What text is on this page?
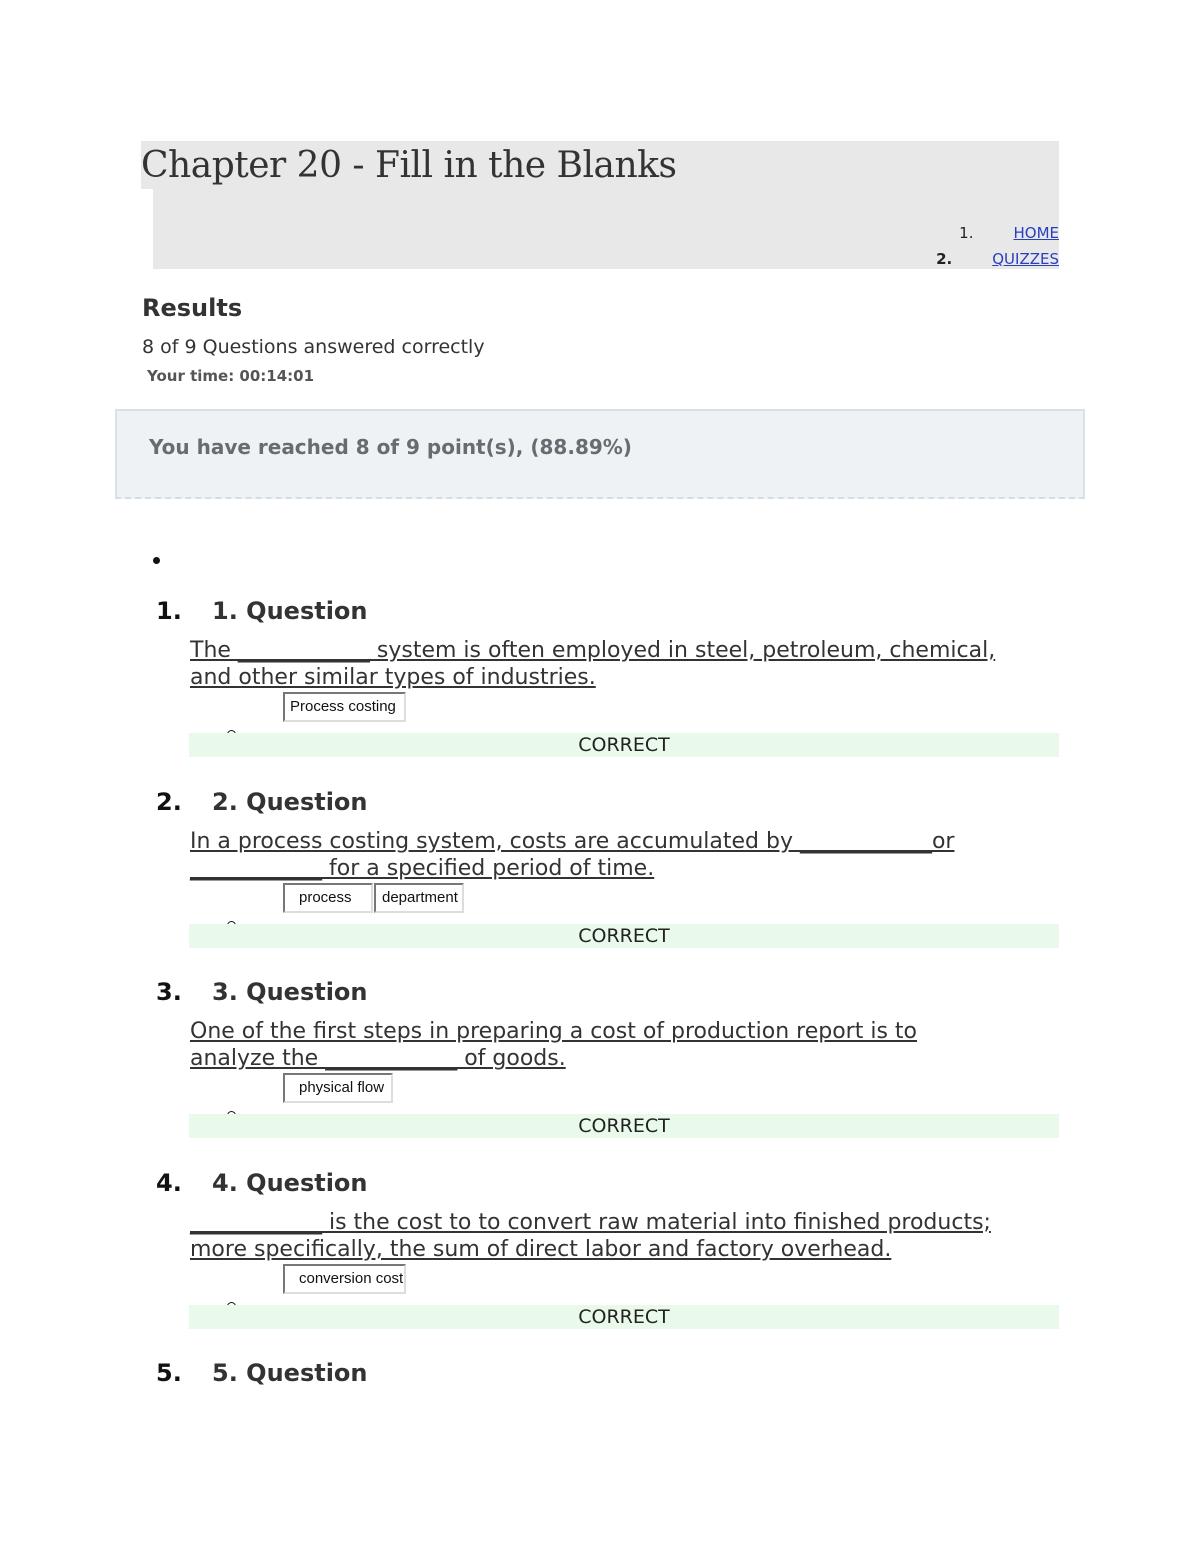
Chapter 20 - Fill in the Blanks
1.	HOME
2.	QUIZZES
Results
8 of 9 Questions answered correctly
Your time: 00:14:01
You have reached 8 of 9 point(s), (88.89%)
1. 1. Question
The ____________ system is often employed in steel, petroleum, chemical,
and other similar types of industries.
Process costing
CORRECT
2. 2. Question
In a process costing system, costs are accumulated by ____________or
____________ for a specified period of time.
process	department
CORRECT
3. 3. Question
One of the first steps in preparing a cost of production report is to
analyze the ____________ of goods.
physical flow
CORRECT
4. 4. Question
____________ is the cost to to convert raw material into finished products;
more specifically, the sum of direct labor and factory overhead.
conversion cost
CORRECT
5. 5. Question
